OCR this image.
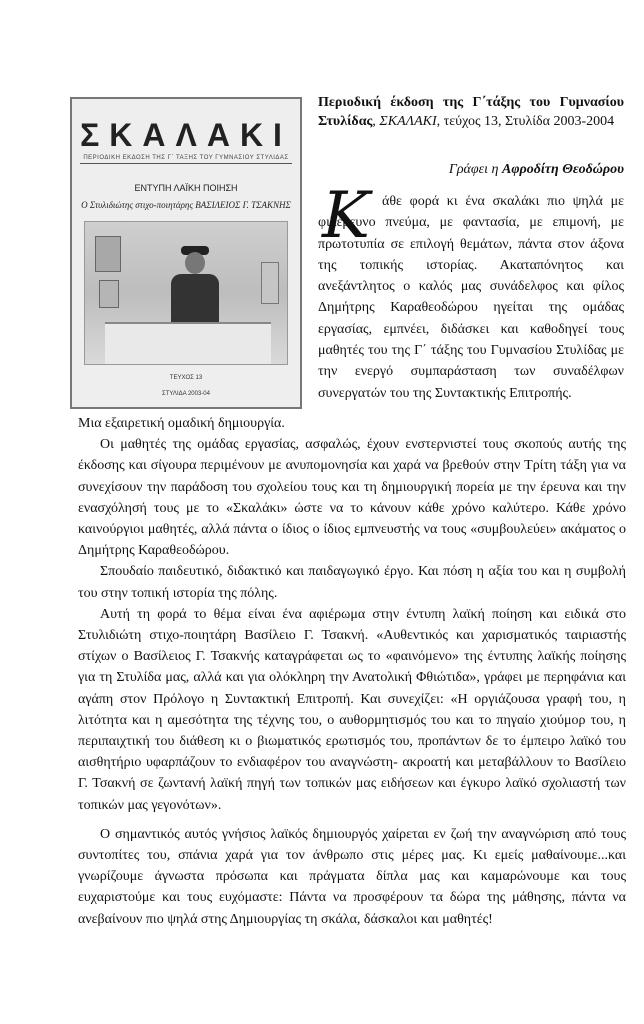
ΣΚΑΛΑΚΙ
ΠΕΡΙΟΔΙΚΗ ΕΚΔΟΣΗ ΤΗΣ Γ΄ ΤΑΞΗΣ ΤΟΥ ΓΥΜΝΑΣΙΟΥ ΣΤΥΛΙΔΑΣ
ΕΝΤΥΠΗ ΛΑΪΚΗ ΠΟΙΗΣΗ
Ο Στυλιδιώτης στιχο-ποιητάρης ΒΑΣΙΛΕΙΟΣ Γ. ΤΣΑΚΝΗΣ
ΤΕΥΧΟΣ 13
ΣΤΥΛΙΔΑ 2003-04
Περιοδική έκδοση της Γ΄τάξης του Γυμνασίου Στυλίδας, ΣΚΑΛΑΚΙ, τεύχος 13, Στυλίδα 2003-2004
Γράφει η Αφροδίτη Θεοδώρου
Κ άθε φορά κι ένα σκαλάκι πιο ψηλά με φιλέρευνο πνεύμα, με φαντασία, με επιμονή, με πρωτοτυπία σε επιλογή θεμάτων, πάντα στον άξονα της τοπικής ιστορίας. Ακαταπόνητος και ανεξάντλητος ο καλός μας συνάδελφος και φίλος Δημήτρης Καραθεοδώρου ηγείται της ομάδας εργασίας, εμπνέει, διδάσκει και καθοδηγεί τους μαθητές του της Γ΄ τάξης του Γυμνασίου Στυλίδας με την ενεργό συμπαράσταση των συναδέλφων συνεργατών του της Συντακτικής Επιτροπής.

Μια εξαιρετική ομαδική δημιουργία.

Οι μαθητές της ομάδας εργασίας, ασφαλώς, έχουν ενστερνιστεί τους σκοπούς αυτής της έκδοσης και σίγουρα περιμένουν με ανυπομονησία και χαρά να βρεθούν στην Τρίτη τάξη για να συνεχίσουν την παράδοση του σχολείου τους και τη δημιουργική πορεία με την έρευνα και την ενασχόλησή τους με το «Σκαλάκι» ώστε να το κάνουν κάθε χρόνο καλύτερο. Κάθε χρόνο καινούργιοι μαθητές, αλλά πάντα ο ίδιος ο ίδιος εμπνευστής να τους «συμβουλεύει» ακάματος ο Δημήτρης Καραθεοδώρου.

Σπουδαίο παιδευτικό, διδακτικό και παιδαγωγικό έργο. Και πόση η αξία του και η συμβολή του στην τοπική ιστορία της πόλης.

Αυτή τη φορά το θέμα είναι ένα αφιέρωμα στην έντυπη λαϊκή ποίηση και ειδικά στο Στυλιδιώτη στιχο-ποιητάρη Βασίλειο Γ. Τσακνή. «Αυθεντικός και χαρισματικός ταιριαστής στίχων ο Βασίλειος Γ. Τσακνής καταγράφεται ως το «φαινόμενο» της έντυπης λαϊκής ποίησης για τη Στυλίδα μας, αλλά και για ολόκληρη την Ανατολική Φθιώτιδα», γράφει με περηφάνια και αγάπη στον Πρόλογο η Συντακτική Επιτροπή. Και συνεχίζει: «Η οργιάζουσα γραφή του, η λιτότητα και η αμεσότητα της τέχνης του, ο αυθορμητισμός του και το πηγαίο χιούμορ του, η περιπαιχτική του διάθεση κι ο βιωματικός ερωτισμός του, προπάντων δε το έμπειρο λαϊκό του αισθητήριο υφαρπάζουν το ενδιαφέρον του αναγνώστη- ακροατή και μεταβάλλουν το Βασίλειο Γ. Τσακνή σε ζωντανή λαϊκή πηγή των τοπικών μας ειδήσεων και έγκυρο λαϊκό σχολιαστή των τοπικών μας γεγονότων».

Ο σημαντικός αυτός γνήσιος λαϊκός δημιουργός χαίρεται εν ζωή την αναγνώριση από τους συντοπίτες του, σπάνια χαρά για τον άνθρωπο στις μέρες μας. Κι εμείς μαθαίνουμε...και γνωρίζουμε άγνωστα πρόσωπα και πράγματα δίπλα μας και καμαρώνουμε και τους ευχαριστούμε και τους ευχόμαστε: Πάντα να προσφέρουν τα δώρα της μάθησης, πάντα να ανεβαίνουν πιο ψηλά στης Δημιουργίας τη σκάλα, δάσκαλοι και μαθητές!
